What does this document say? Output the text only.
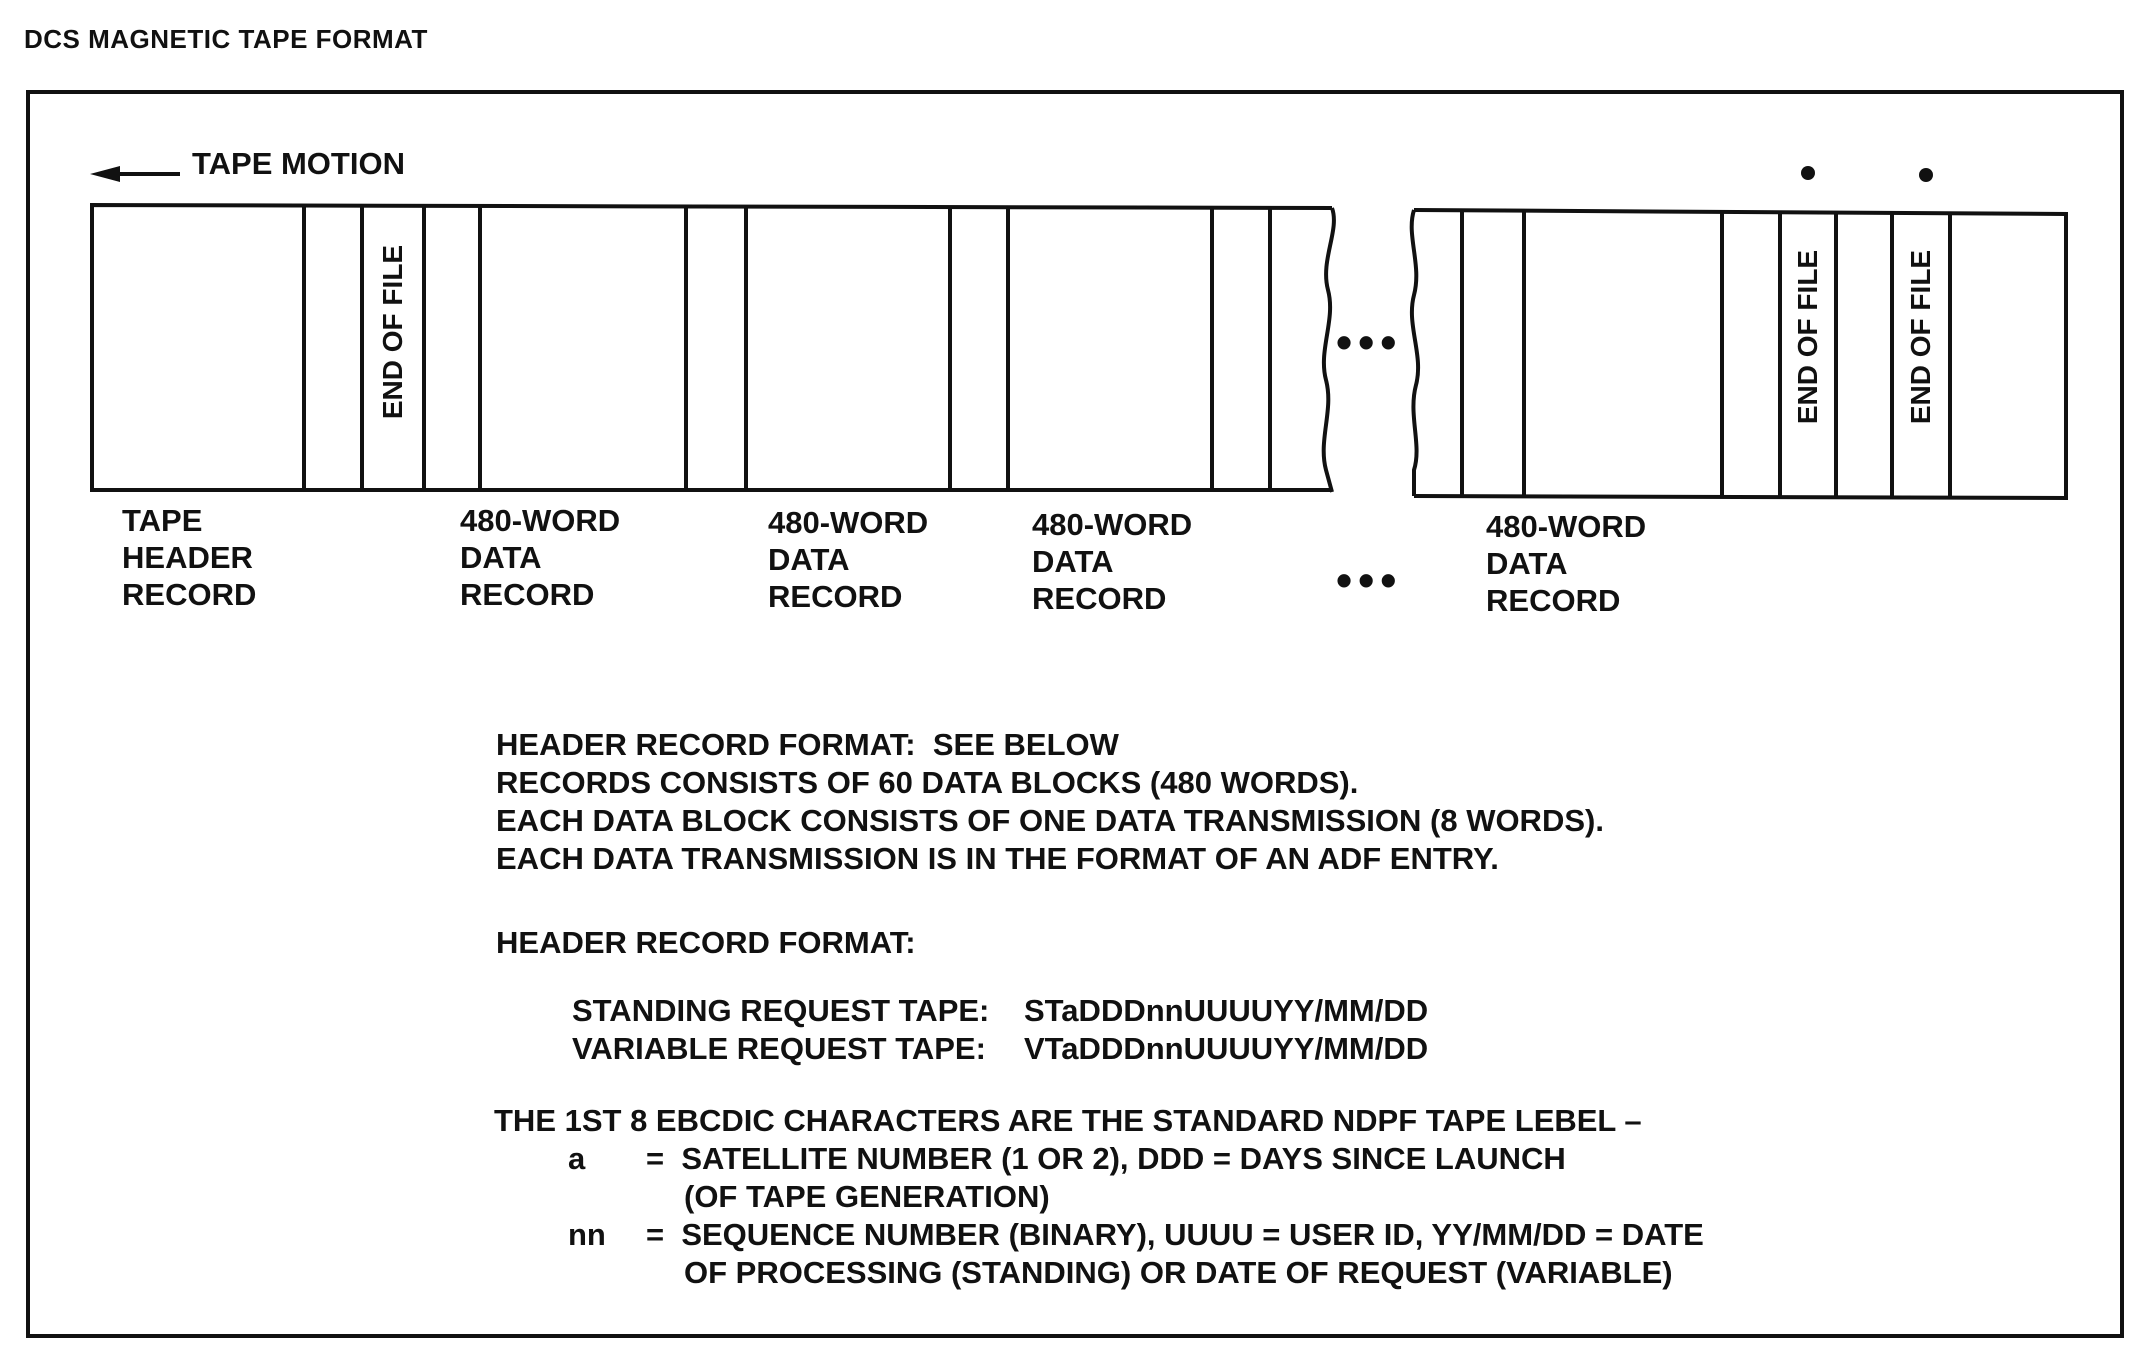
DCS MAGNETIC TAPE FORMAT
TAPE MOTION
END OF FILE	END OF FILE	END OF FILE
•••
•••
TAPE
HEADER
RECORD
480-WORD
DATA
RECORD
480-WORD
DATA
RECORD
480-WORD
DATA
RECORD
480-WORD
DATA
RECORD
HEADER RECORD FORMAT:  SEE BELOW
RECORDS CONSISTS OF 60 DATA BLOCKS (480 WORDS).
EACH DATA BLOCK CONSISTS OF ONE DATA TRANSMISSION (8 WORDS).
EACH DATA TRANSMISSION IS IN THE FORMAT OF AN ADF ENTRY.
HEADER RECORD FORMAT:
STANDING REQUEST TAPE: STaDDDnnUUUUYY/MM/DD
VARIABLE REQUEST TAPE: VTaDDDnnUUUUYY/MM/DD
THE 1ST 8 EBCDIC CHARACTERS ARE THE STANDARD NDPF TAPE LEBEL –
a =  SATELLITE NUMBER (1 OR 2), DDD = DAYS SINCE LAUNCH
(OF TAPE GENERATION)
nn =  SEQUENCE NUMBER (BINARY), UUUU = USER ID, YY/MM/DD = DATE
OF PROCESSING (STANDING) OR DATE OF REQUEST (VARIABLE)
